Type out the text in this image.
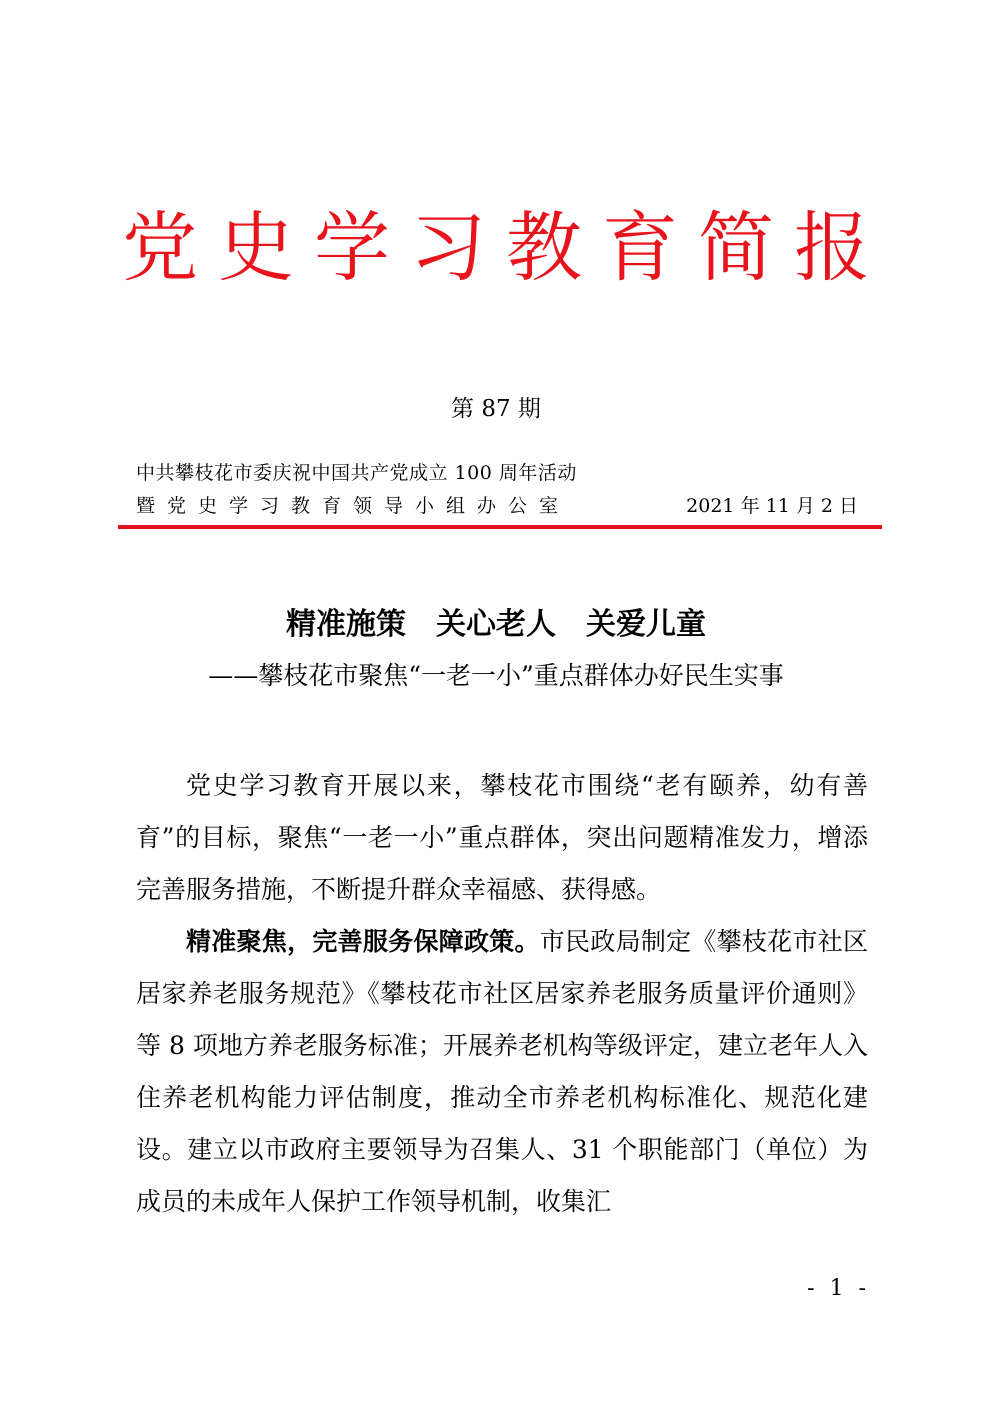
党史学习教育简报
第 87 期
中共攀枝花市委庆祝中国共产党成立 100 周年活动
暨党史学习教育领导小组办公室	2021 年 11 月 2 日
精准施策　关心老人　关爱儿童
——攀枝花市聚焦“一老一小”重点群体办好民生实事

党史学习教育开展以来，攀枝花市围绕“老有颐养，幼有善育”的目标，聚焦“一老一小”重点群体，突出问题精准发力，增添完善服务措施，不断提升群众幸福感、获得感。

精准聚焦，完善服务保障政策。市民政局制定《攀枝花市社区居家养老服务规范》《攀枝花市社区居家养老服务质量评价通则》等 8 项地方养老服务标准；开展养老机构等级评定，建立老年人入住养老机构能力评估制度，推动全市养老机构标准化、规范化建设。建立以市政府主要领导为召集人、31 个职能部门（单位）为成员的未成年人保护工作领导机制，收集汇

- 1 -
